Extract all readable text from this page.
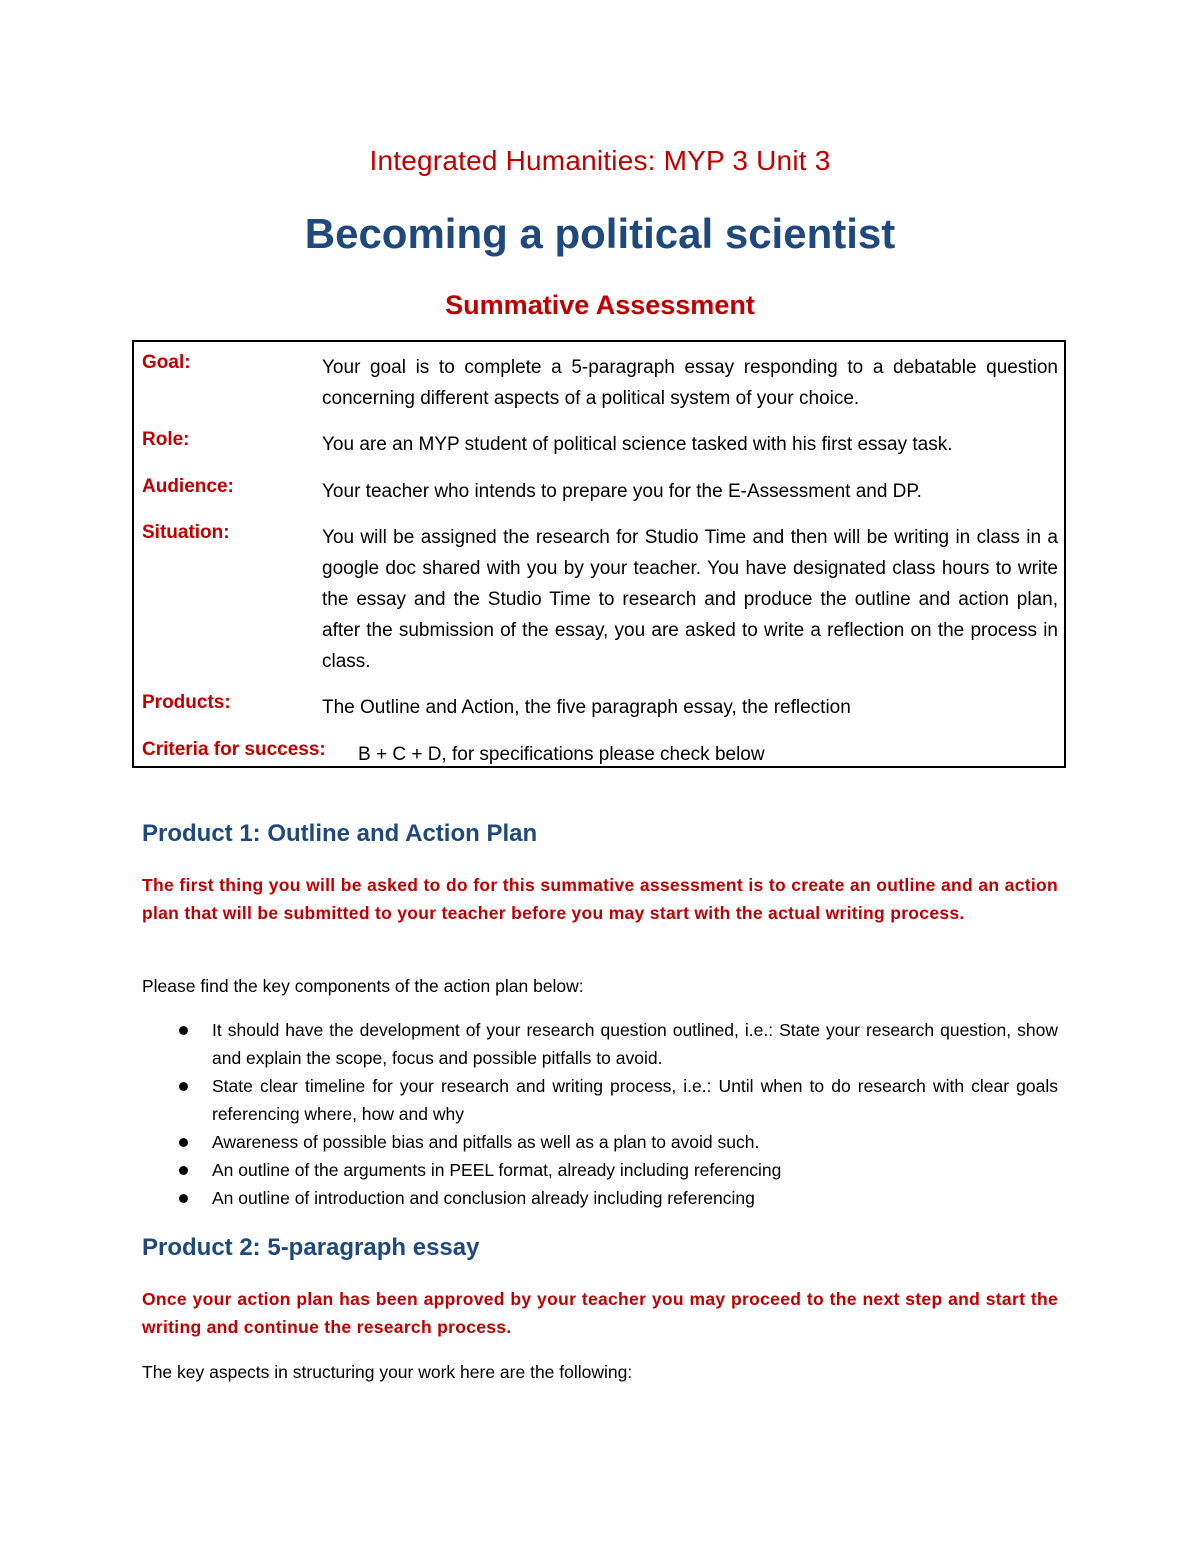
Integrated Humanities: MYP 3 Unit 3
Becoming a political scientist
Summative Assessment
Goal:	Your goal is to complete a 5-paragraph essay responding to a debatable question concerning different aspects of a political system of your choice.
Role:	You are an MYP student of political science tasked with his first essay task.
Audience:	Your teacher who intends to prepare you for the E-Assessment and DP.
Situation:	You will be assigned the research for Studio Time and then will be writing in class in a google doc shared with you by your teacher. You have designated class hours to write the essay and the Studio Time to research and produce the outline and action plan, after the submission of the essay, you are asked to write a reflection on the process in class.
Products:	The Outline and Action, the five paragraph essay, the reflection
Criteria for success: B + C + D, for specifications please check below
Product 1: Outline and Action Plan
The first thing you will be asked to do for this summative assessment is to create an outline and an action plan that will be submitted to your teacher before you may start with the actual writing process.
Please find the key components of the action plan below:
It should have the development of your research question outlined, i.e.: State your research question, show and explain the scope, focus and possible pitfalls to avoid.
State clear timeline for your research and writing process, i.e.: Until when to do research with clear goals referencing where, how and why
Awareness of possible bias and pitfalls as well as a plan to avoid such.
An outline of the arguments in PEEL format, already including referencing
An outline of introduction and conclusion already including referencing
Product 2: 5-paragraph essay
Once your action plan has been approved by your teacher you may proceed to the next step and start the writing and continue the research process.
The key aspects in structuring your work here are the following:
